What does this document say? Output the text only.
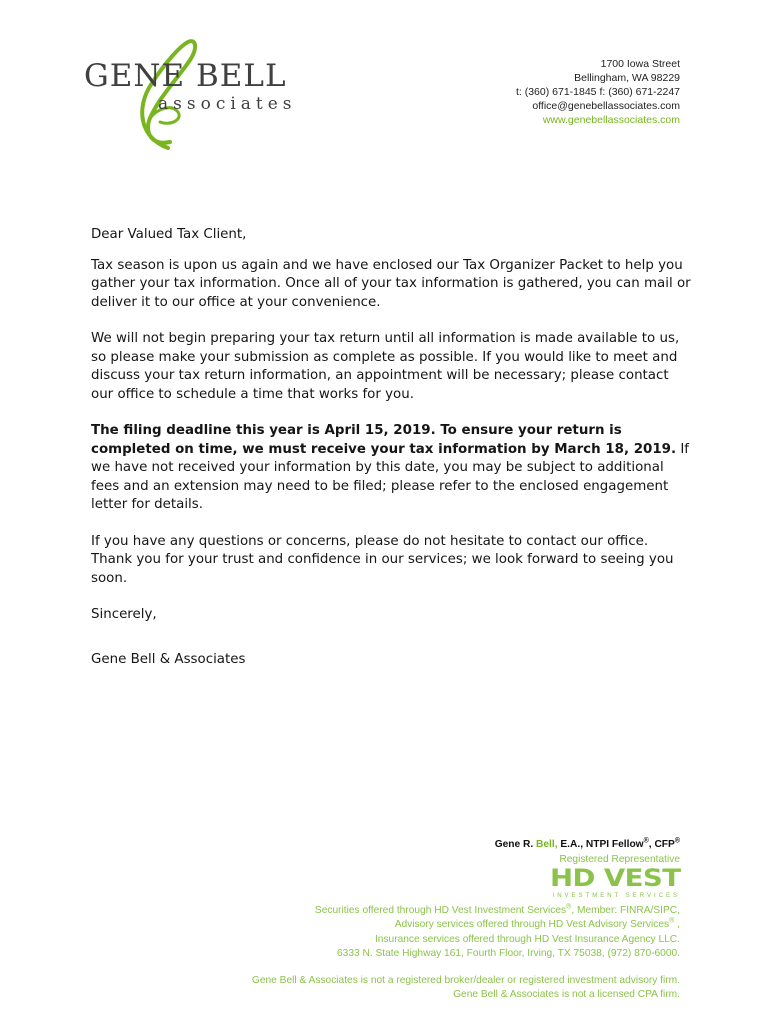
GENE BELL
associates
1700 Iowa Street
Bellingham, WA 98229
t: (360) 671-1845 f: (360) 671-2247
office@genebellassociates.com
www.genebellassociates.com

Dear Valued Tax Client,

Tax season is upon us again and we have enclosed our Tax Organizer Packet to help you gather your tax information. Once all of your tax information is gathered, you can mail or deliver it to our office at your convenience.

We will not begin preparing your tax return until all information is made available to us, so please make your submission as complete as possible. If you would like to meet and discuss your tax return information, an appointment will be necessary; please contact our office to schedule a time that works for you.

The filing deadline this year is April 15, 2019. To ensure your return is completed on time, we must receive your tax information by March 18, 2019. If we have not received your information by this date, you may be subject to additional fees and an extension may need to be filed; please refer to the enclosed engagement letter for details.

If you have any questions or concerns, please do not hesitate to contact our office. Thank you for your trust and confidence in our services; we look forward to seeing you soon.

Sincerely,

Gene Bell & Associates

Gene R. Bell, E.A., NTPI Fellow®, CFP®
Registered Representative
HD VEST
INVESTMENT SERVICES
Securities offered through HD Vest Investment Services®, Member: FINRA/SIPC,
Advisory services offered through HD Vest Advisory Services® ,
Insurance services offered through HD Vest Insurance Agency LLC.
6333 N. State Highway 161, Fourth Floor, Irving, TX 75038, (972) 870-6000.
Gene Bell & Associates is not a registered broker/dealer or registered investment advisory firm.
Gene Bell & Associates is not a licensed CPA firm.
